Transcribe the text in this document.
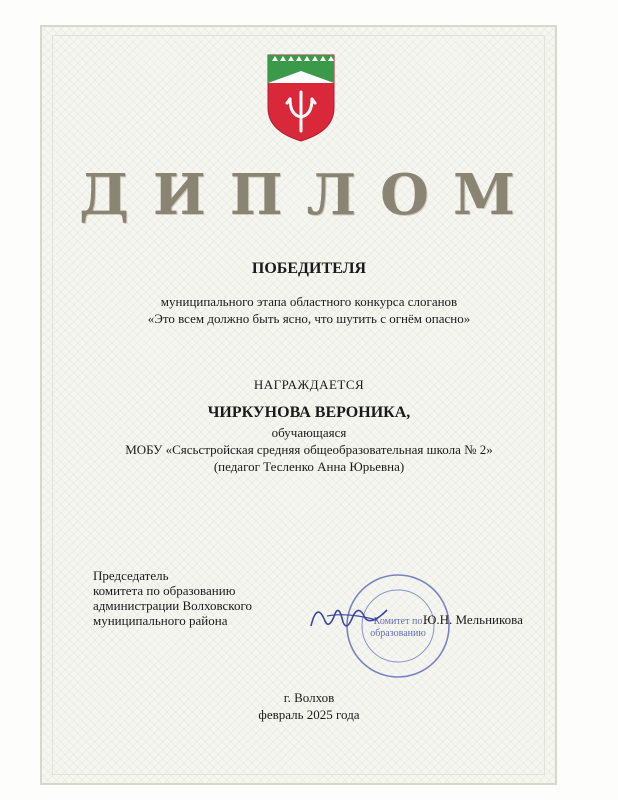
ДИПЛОМ
ПОБЕДИТЕЛЯ
муниципального этапа областного конкурса слоганов
«Это всем должно быть ясно, что шутить с огнём опасно»
НАГРАЖДАЕТСЯ
ЧИРКУНОВА ВЕРОНИКА,
обучающаяся
МОБУ «Сясьстройская средняя общеобразовательная школа № 2»
(педагог Тесленко Анна Юрьевна)
Председатель
комитета по образованию
администрации Волховского
муниципального района	Комитет по
образованию
Ю.Н. Мельникова
г. Волхов
февраль 2025 года
